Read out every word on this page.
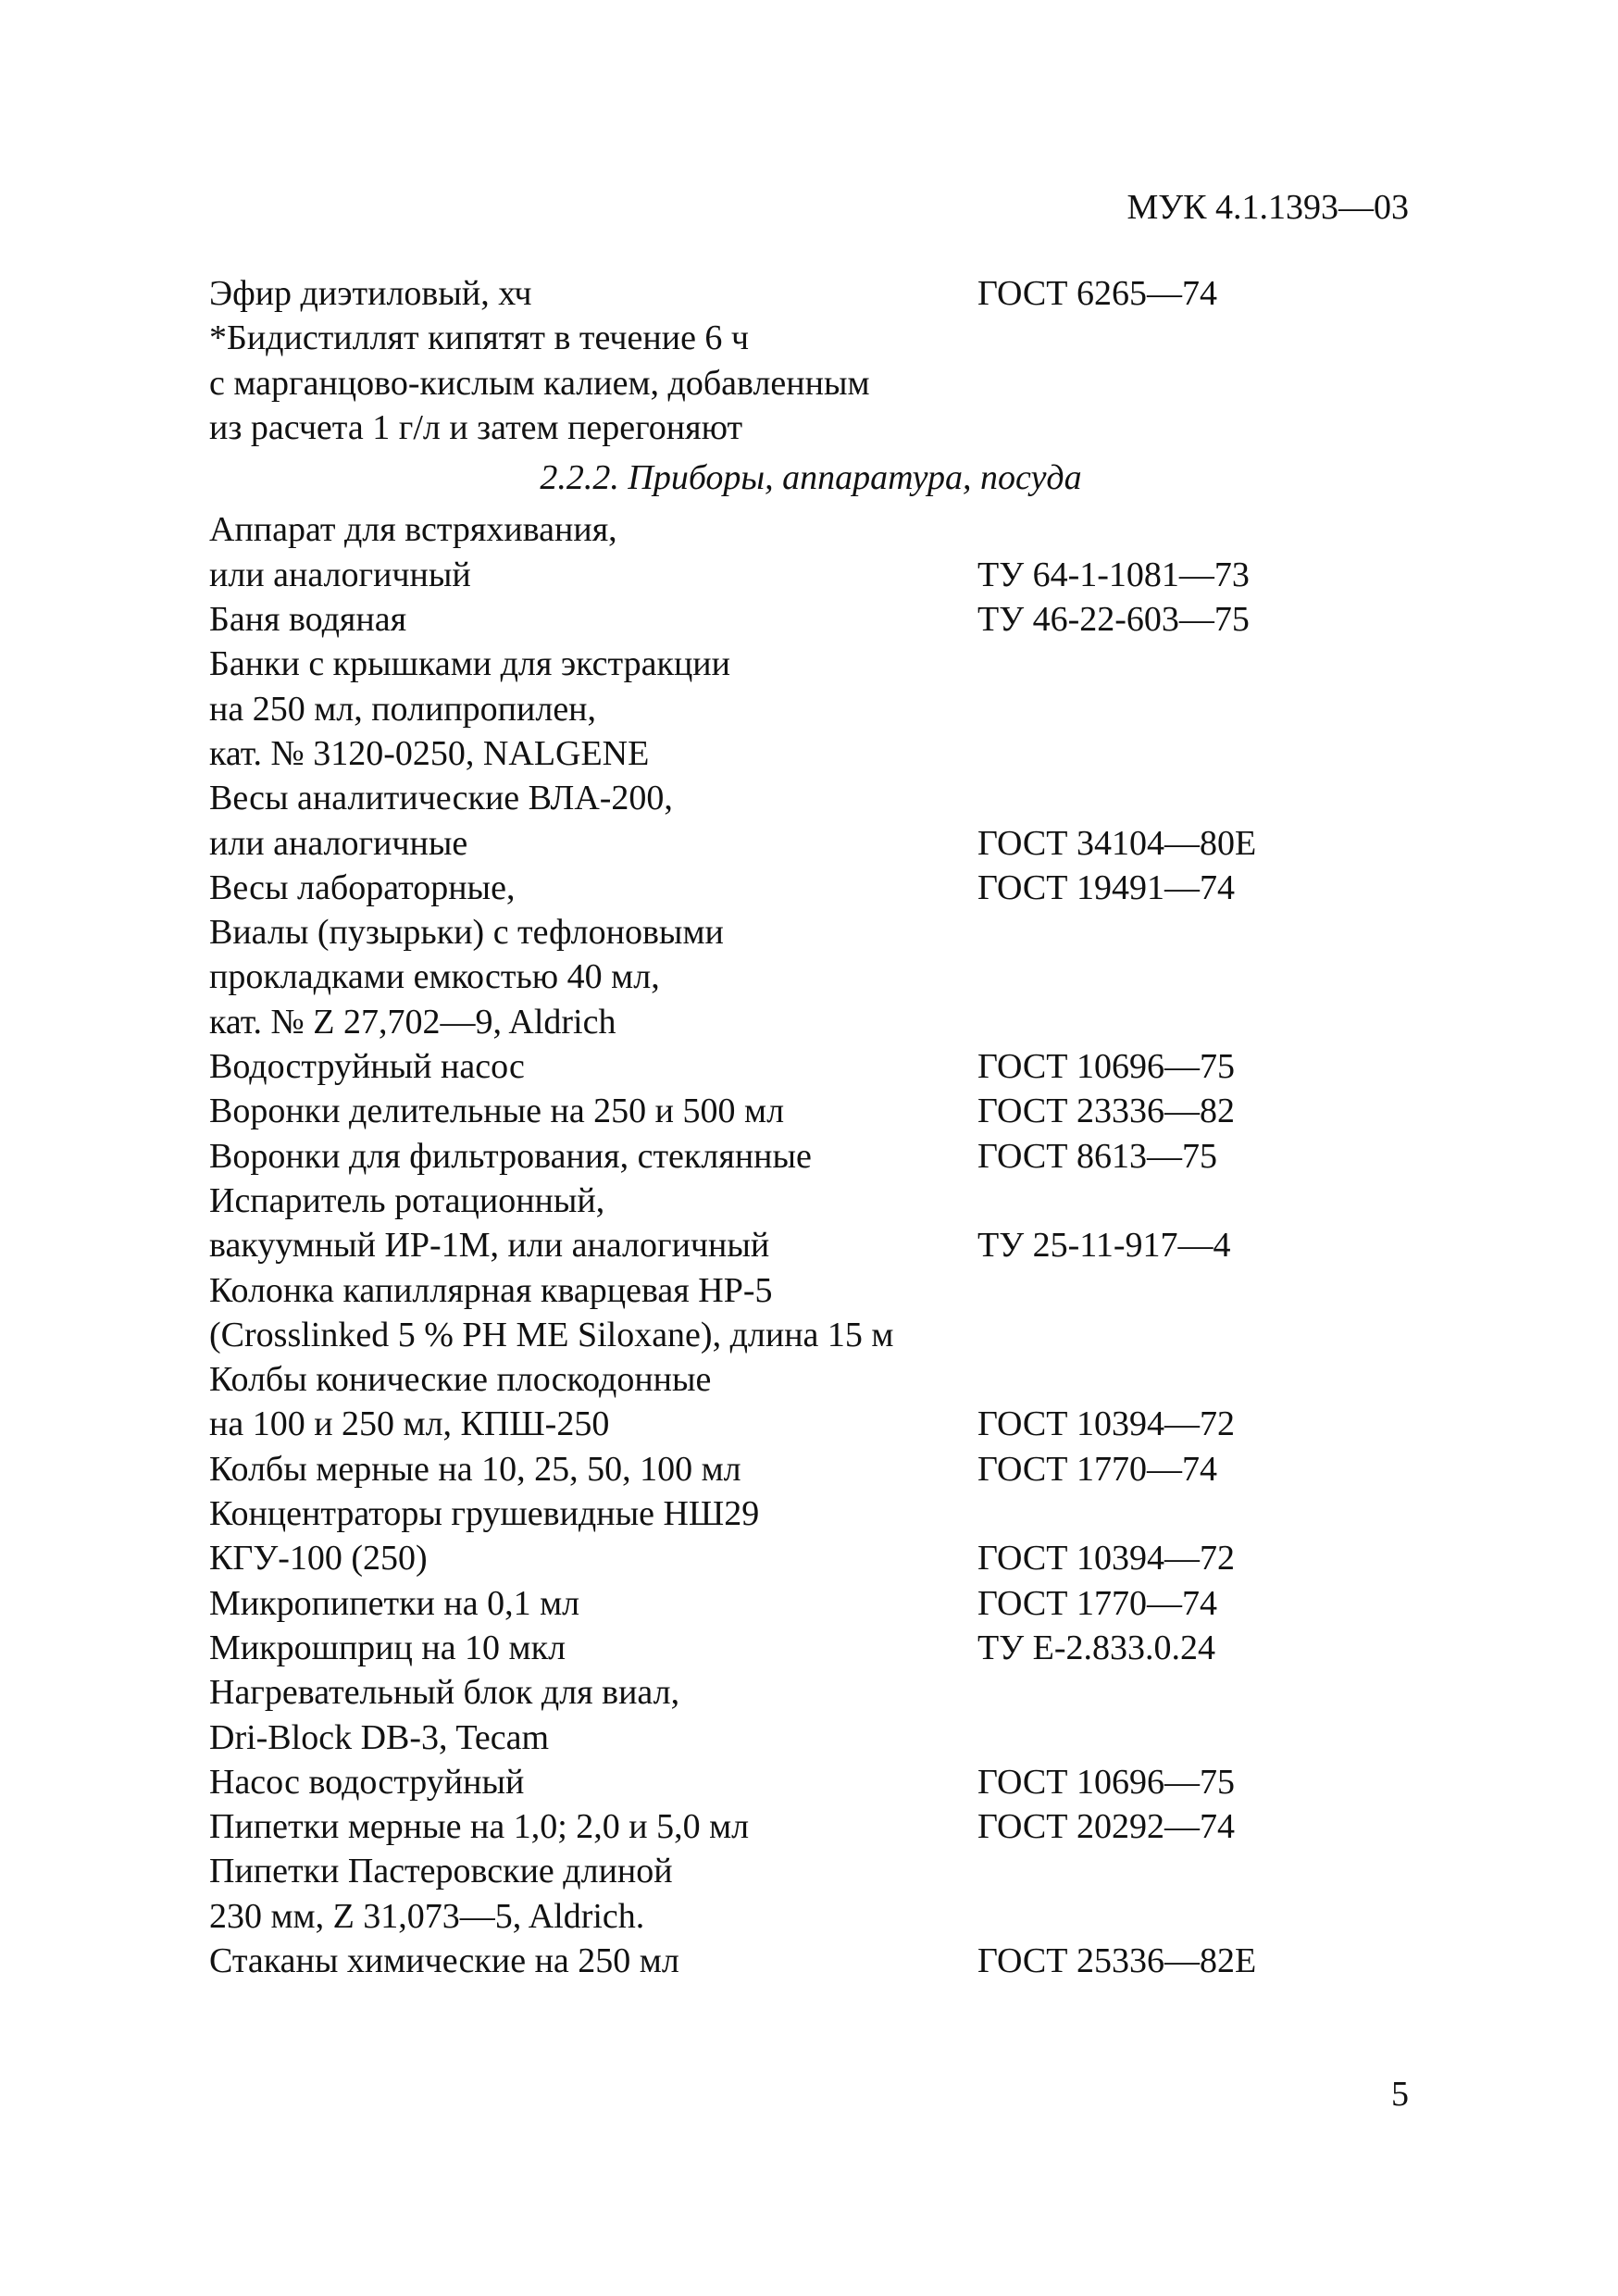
МУК 4.1.1393—03
Эфир диэтиловый, хч	ГОСТ 6265—74
*Бидистиллят кипятят в течение 6 ч
с марганцово-кислым калием, добавленным
из расчета 1 г/л и затем перегоняют
2.2.2. Приборы, аппаратура, посуда
Аппарат для встряхивания,
или аналогичный	ТУ 64-1-1081—73
Баня водяная	ТУ 46-22-603—75
Банки с крышками для экстракции
на 250 мл, полипропилен,
кат. № 3120-0250, NALGENE
Весы аналитические ВЛА-200,
или аналогичные	ГОСТ 34104—80Е
Весы лабораторные,	ГОСТ 19491—74
Виалы (пузырьки) с тефлоновыми
прокладками емкостью 40 мл,
кат. № Z 27,702—9, Aldrich
Водоструйный насос	ГОСТ 10696—75
Воронки делительные на 250 и 500 мл	ГОСТ 23336—82
Воронки для фильтрования, стеклянные	ГОСТ 8613—75
Испаритель ротационный,
вакуумный ИР-1М, или аналогичный	ТУ 25-11-917—4
Колонка капиллярная кварцевая НР-5
(Crosslinked 5 % PH ME Siloxane), длина 15 м
Колбы конические плоскодонные
на 100 и 250 мл, КПШ-250	ГОСТ 10394—72
Колбы мерные на 10, 25, 50, 100 мл	ГОСТ 1770—74
Концентраторы грушевидные НШ29
КГУ-100 (250)	ГОСТ 10394—72
Микропипетки на 0,1 мл	ГОСТ 1770—74
Микрошприц на 10 мкл	ТУ Е-2.833.0.24
Нагревательный блок для виал,
Dri-Block DB-3, Tecam
Насос водоструйный	ГОСТ 10696—75
Пипетки мерные на 1,0; 2,0 и 5,0 мл	ГОСТ 20292—74
Пипетки Пастеровские длиной
230 мм, Z 31,073—5, Aldrich.
Стаканы химические на 250 мл	ГОСТ 25336—82Е
5
